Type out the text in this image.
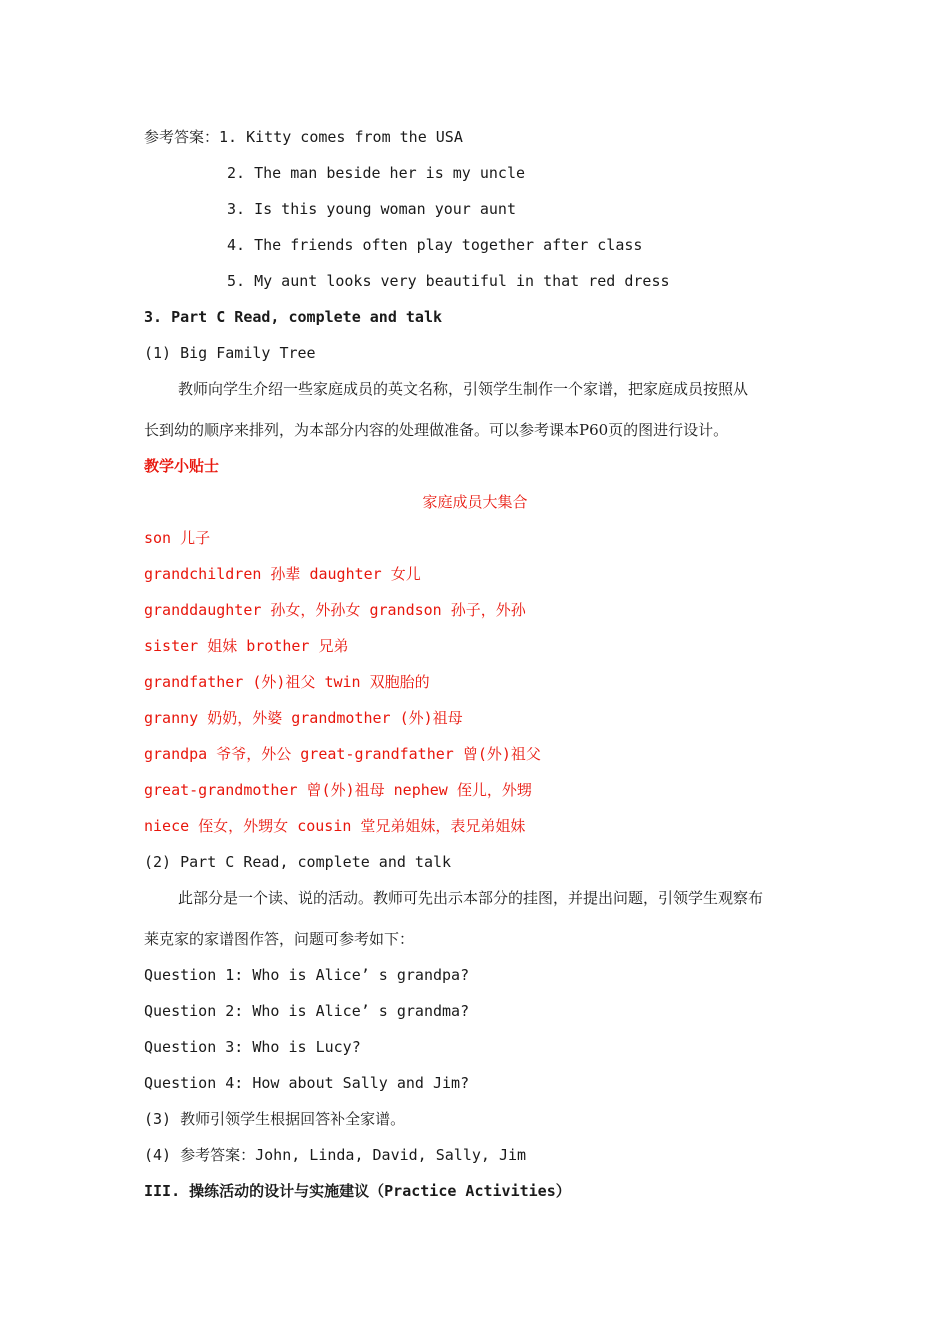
参考答案：1. Kitty comes from the USA
2. The man beside her is my uncle
3. Is this young woman your aunt
4. The friends often play together after class
5. My aunt looks very beautiful in that red dress
3. Part C Read, complete and talk
(1) Big Family Tree
教师向学生介绍一些家庭成员的英文名称，引领学生制作一个家谱，把家庭成员按照从
长到幼的顺序来排列，为本部分内容的处理做准备。可以参考课本P60页的图进行设计。
教学小贴士
家庭成员大集合
son 儿子
grandchildren 孙辈 daughter 女儿
granddaughter 孙女，外孙女 grandson 孙子，外孙
sister 姐妹 brother 兄弟
grandfather (外)祖父 twin 双胞胎的
granny 奶奶，外婆 grandmother (外)祖母
grandpa 爷爷，外公 great-grandfather 曾(外)祖父
great-grandmother 曾(外)祖母 nephew 侄儿，外甥
niece 侄女，外甥女 cousin 堂兄弟姐妹，表兄弟姐妹
(2) Part C Read, complete and talk
此部分是一个读、说的活动。教师可先出示本部分的挂图，并提出问题，引领学生观察布
莱克家的家谱图作答，问题可参考如下：
Question 1: Who is Alice’ s grandpa?
Question 2: Who is Alice’ s grandma?
Question 3: Who is Lucy?
Question 4: How about Sally and Jim?
(3) 教师引领学生根据回答补全家谱。
(4) 参考答案：John, Linda, David, Sally, Jim
III. 操练活动的设计与实施建议（Practice Activities）
